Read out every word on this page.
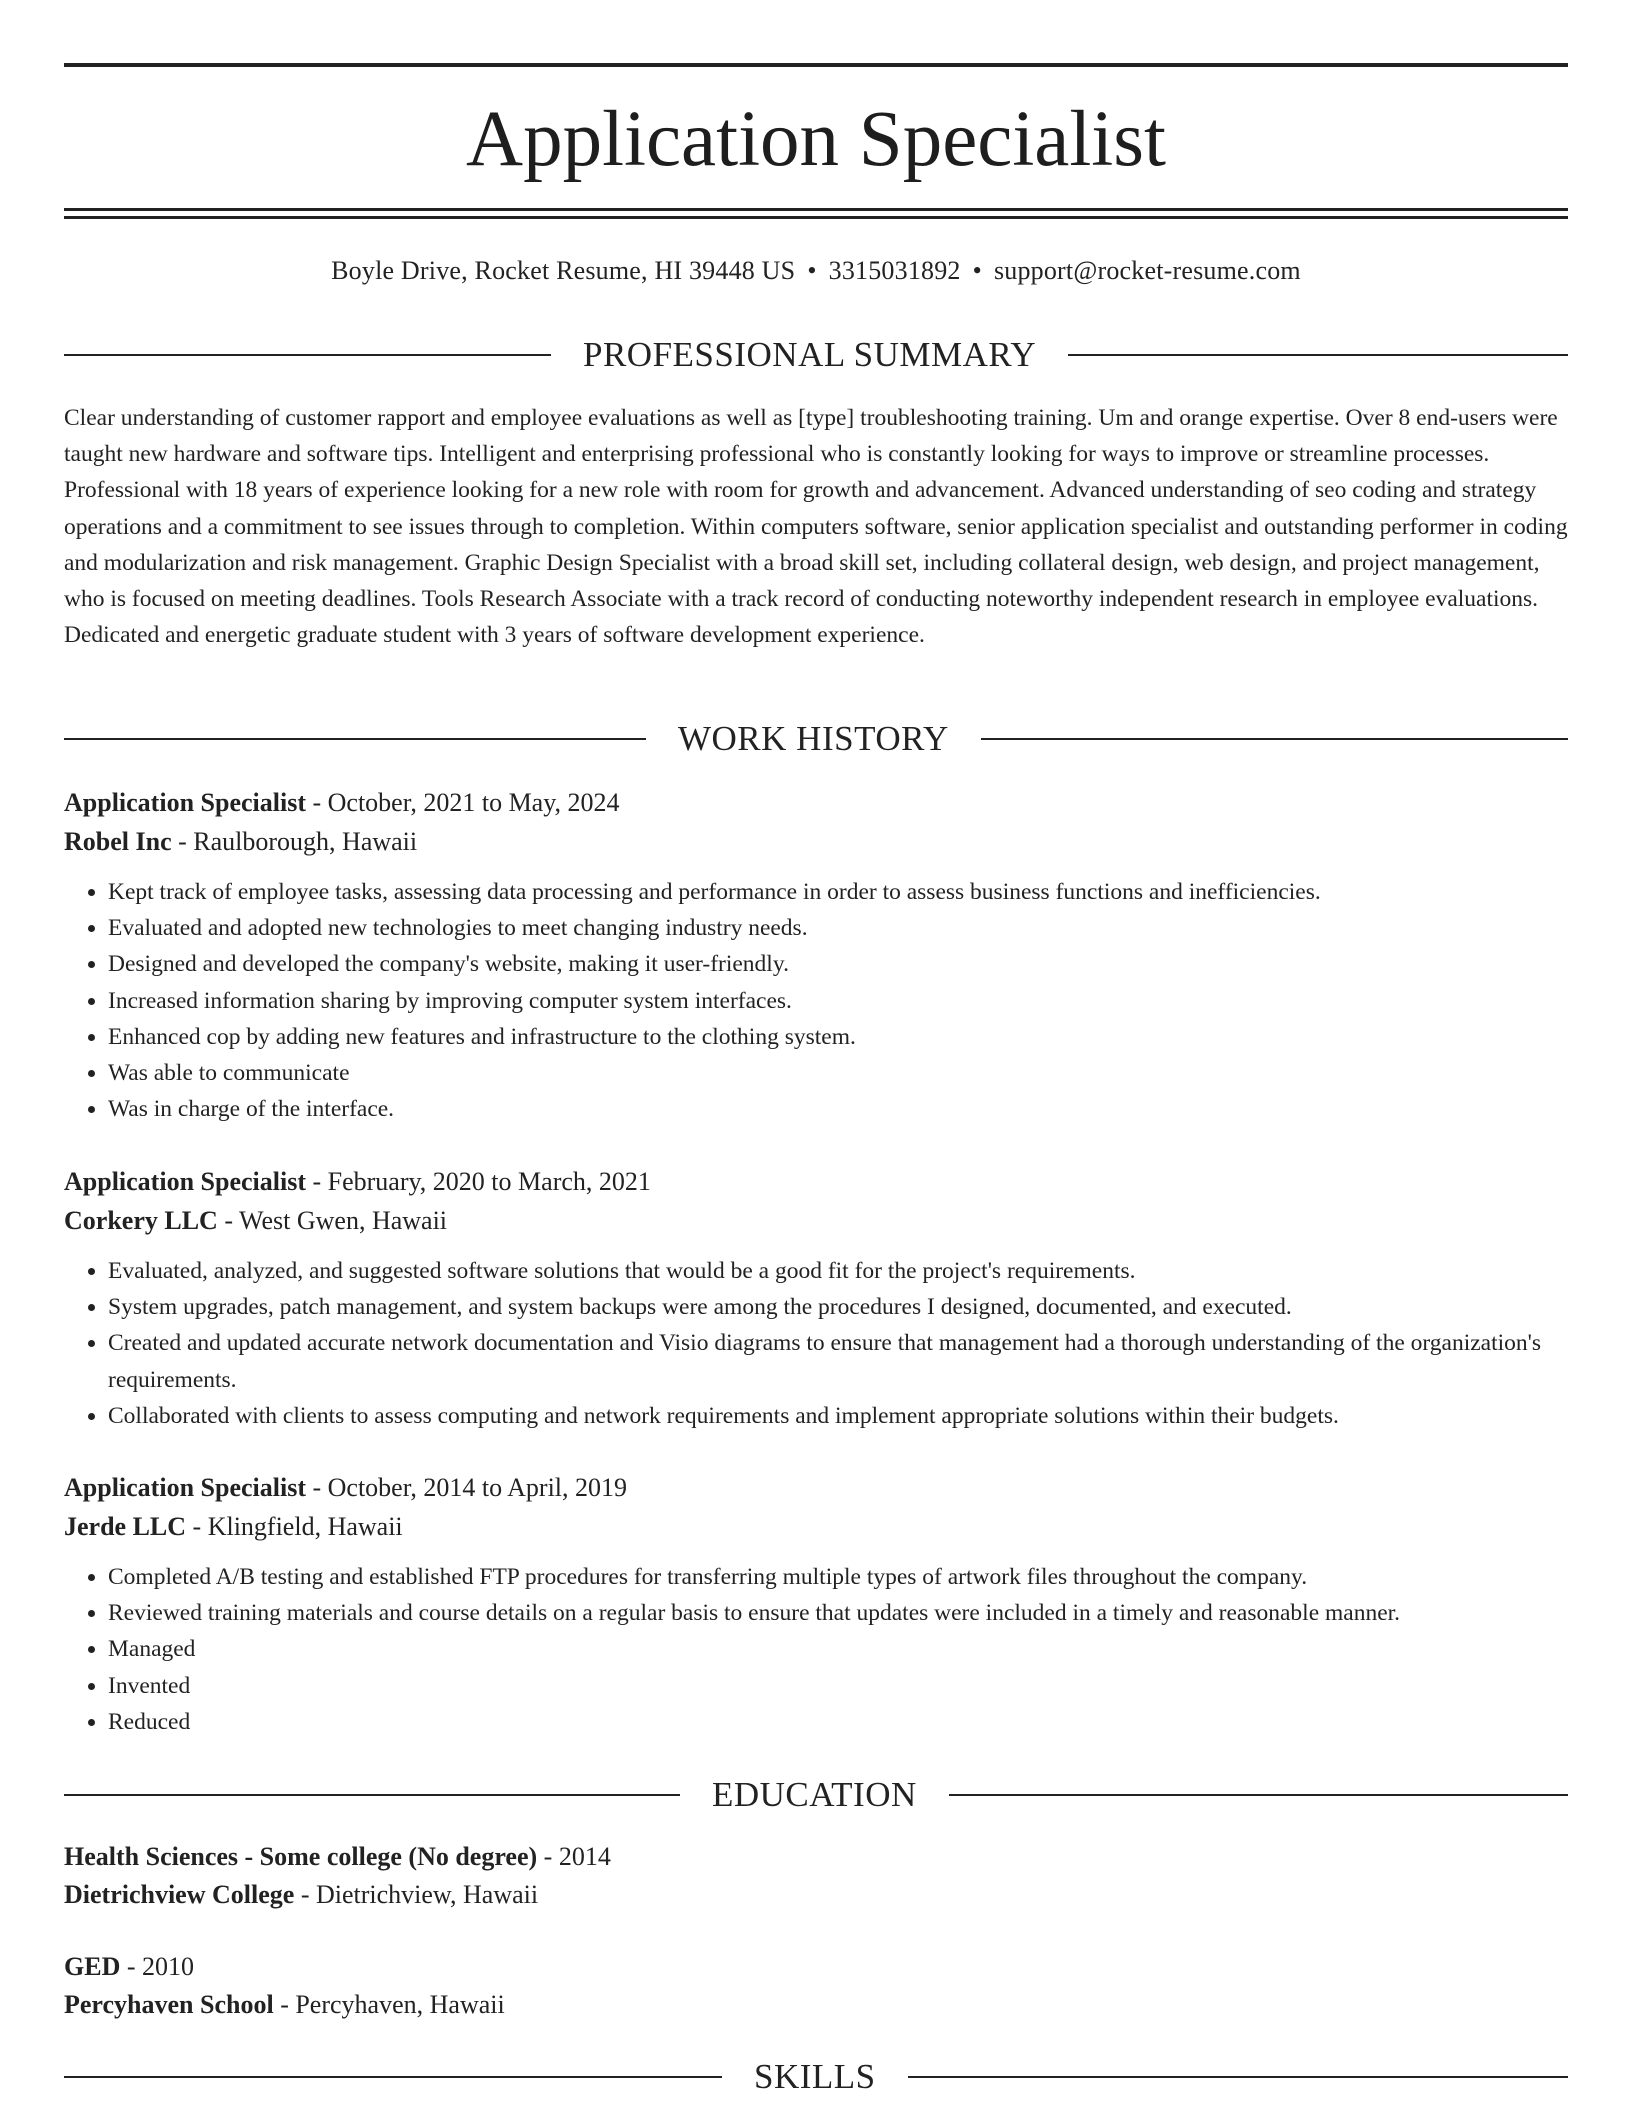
Application Specialist
Boyle Drive, Rocket Resume, HI 39448 US • 3315031892 • support@rocket-resume.com
PROFESSIONAL SUMMARY

Clear understanding of customer rapport and employee evaluations as well as [type] troubleshooting training. Um and orange expertise. Over 8 end-users were taught new hardware and software tips. Intelligent and enterprising professional who is constantly looking for ways to improve or streamline processes. Professional with 18 years of experience looking for a new role with room for growth and advancement. Advanced understanding of seo coding and strategy operations and a commitment to see issues through to completion. Within computers software, senior application specialist and outstanding performer in coding and modularization and risk management. Graphic Design Specialist with a broad skill set, including collateral design, web design, and project management, who is focused on meeting deadlines. Tools Research Associate with a track record of conducting noteworthy independent research in employee evaluations. Dedicated and energetic graduate student with 3 years of software development experience.

WORK HISTORY
Application Specialist - October, 2021 to May, 2024
Robel Inc - Raulborough, Hawaii
• Kept track of employee tasks, assessing data processing and performance in order to assess business functions and inefficiencies.
• Evaluated and adopted new technologies to meet changing industry needs.
• Designed and developed the company's website, making it user-friendly.
• Increased information sharing by improving computer system interfaces.
• Enhanced cop by adding new features and infrastructure to the clothing system.
• Was able to communicate
• Was in charge of the interface.
Application Specialist - February, 2020 to March, 2021
Corkery LLC - West Gwen, Hawaii
• Evaluated, analyzed, and suggested software solutions that would be a good fit for the project's requirements.
• System upgrades, patch management, and system backups were among the procedures I designed, documented, and executed.
• Created and updated accurate network documentation and Visio diagrams to ensure that management had a thorough understanding of the organization's requirements.
• Collaborated with clients to assess computing and network requirements and implement appropriate solutions within their budgets.
Application Specialist - October, 2014 to April, 2019
Jerde LLC - Klingfield, Hawaii
• Completed A/B testing and established FTP procedures for transferring multiple types of artwork files throughout the company.
• Reviewed training materials and course details on a regular basis to ensure that updates were included in a timely and reasonable manner.
• Managed
• Invented
• Reduced
EDUCATION
Health Sciences - Some college (No degree) - 2014
Dietrichview College - Dietrichview, Hawaii
GED - 2010
Percyhaven School - Percyhaven, Hawaii
SKILLS
